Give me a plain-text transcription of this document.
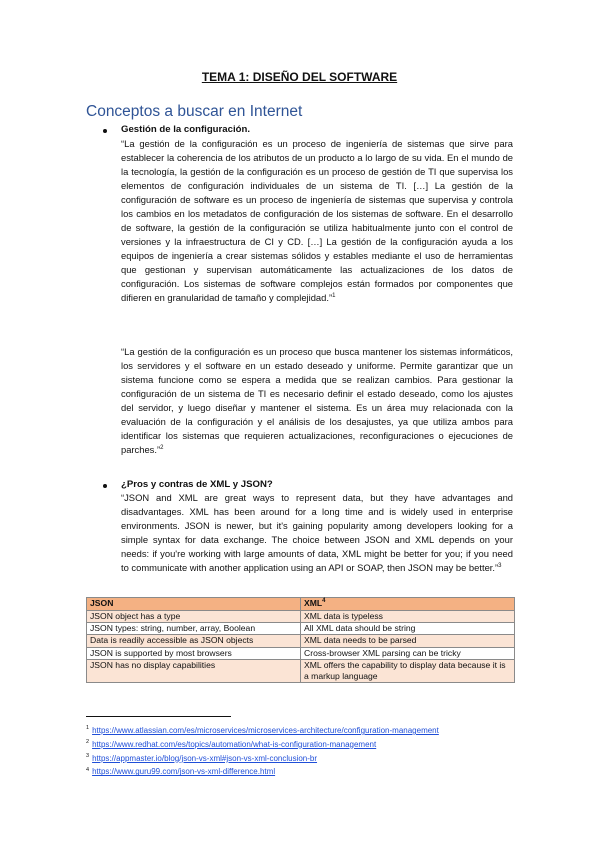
TEMA 1: DISEÑO DEL SOFTWARE
Conceptos a buscar en Internet
Gestión de la configuración.

“La gestión de la configuración es un proceso de ingeniería de sistemas que sirve para establecer la coherencia de los atributos de un producto a lo largo de su vida. En el mundo de la tecnología, la gestión de la configuración es un proceso de gestión de TI que supervisa los elementos de configuración individuales de un sistema de TI. […] La gestión de la configuración de software es un proceso de ingeniería de sistemas que supervisa y controla los cambios en los metadatos de configuración de los sistemas de software. En el desarrollo de software, la gestión de la configuración se utiliza habitualmente junto con el control de versiones y la infraestructura de CI y CD. […] La gestión de la configuración ayuda a los equipos de ingeniería a crear sistemas sólidos y estables mediante el uso de herramientas que gestionan y supervisan automáticamente las actualizaciones de los datos de configuración. Los sistemas de software complejos están formados por componentes que difieren en granularidad de tamaño y complejidad.”$^1$

“La gestión de la configuración es un proceso que busca mantener los sistemas informáticos, los servidores y el software en un estado deseado y uniforme. Permite garantizar que un sistema funcione como se espera a medida que se realizan cambios. Para gestionar la configuración de un sistema de TI es necesario definir el estado deseado, como los ajustes del servidor, y luego diseñar y mantener el sistema. Es un área muy relacionada con la evaluación de la configuración y el análisis de los desajustes, ya que utiliza ambos para identificar los sistemas que requieren actualizaciones, reconfiguraciones o ejecuciones de parches.”$^2$

¿Pros y contras de XML y JSON?

“JSON and XML are great ways to represent data, but they have advantages and disadvantages. XML has been around for a long time and is widely used in enterprise environments. JSON is newer, but it's gaining popularity among developers looking for a simple syntax for data exchange. The choice between JSON and XML depends on your needs: if you're working with large amounts of data, XML might be better for you; if you need to communicate with another application using an API or SOAP, then JSON may be better.”$^3$

JSON	XML$^4$
JSON object has a type	XML data is typeless
JSON types: string, number, array, Boolean	All XML data should be string
Data is readily accessible as JSON objects	XML data needs to be parsed
JSON is supported by most browsers	Cross-browser XML parsing can be tricky
JSON has no display capabilities	XML offers the capability to display data because it is a markup language
$^1$ https://www.atlassian.com/es/microservices/microservices-architecture/configuration-management
$^2$ https://www.redhat.com/es/topics/automation/what-is-configuration-management
$^3$ https://appmaster.io/blog/json-vs-xml#json-vs-xml-conclusion-br
$^4$ https://www.guru99.com/json-vs-xml-difference.html
